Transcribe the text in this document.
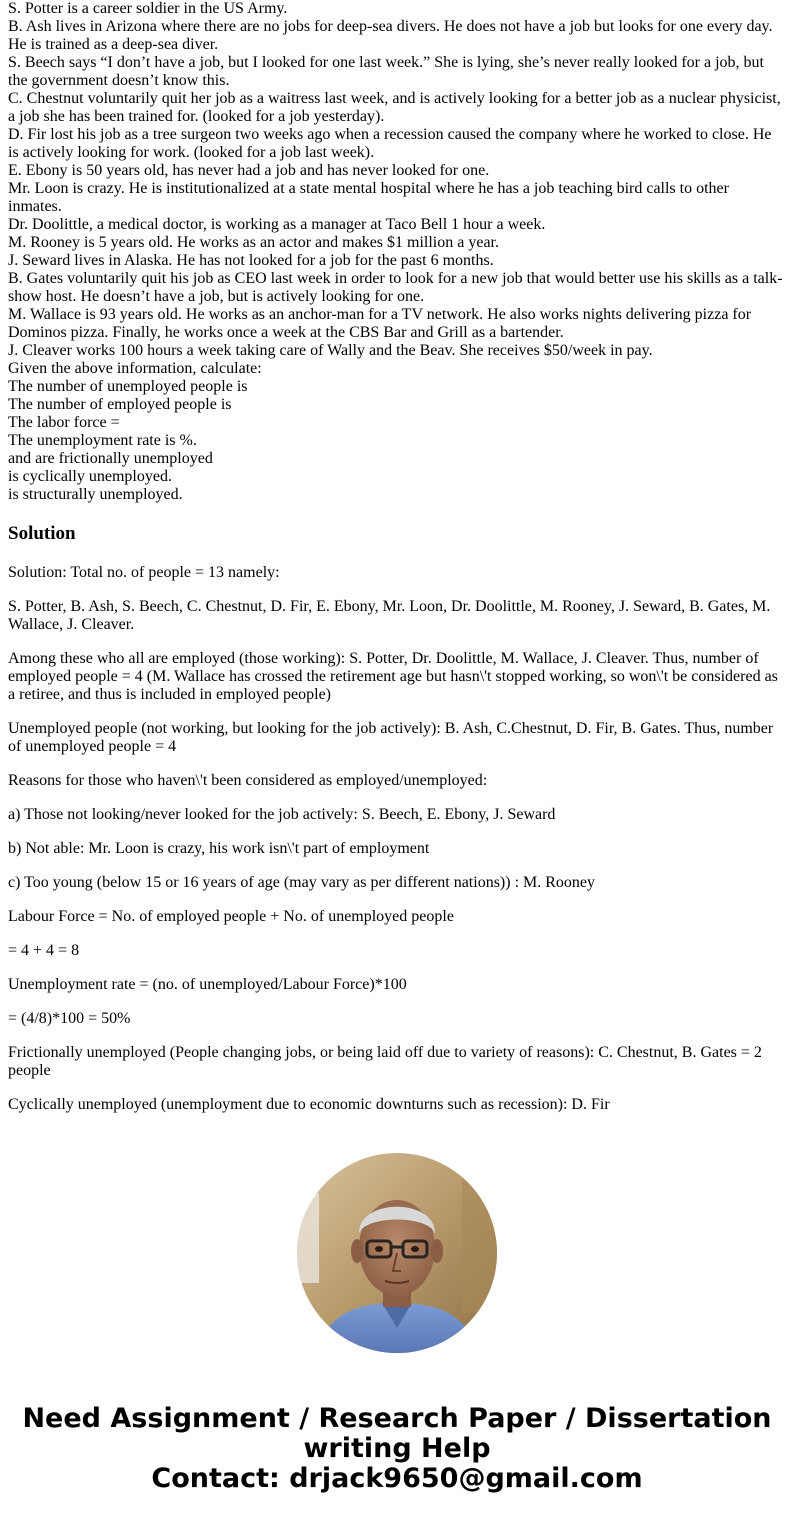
S. Potter is a career soldier in the US Army.
B. Ash lives in Arizona where there are no jobs for deep-sea divers. He does not have a job but looks for one every day. He is trained as a deep-sea diver.
S. Beech says “I don’t have a job, but I looked for one last week.” She is lying, she’s never really looked for a job, but the government doesn’t know this.
C. Chestnut voluntarily quit her job as a waitress last week, and is actively looking for a better job as a nuclear physicist, a job she has been trained for. (looked for a job yesterday).
D. Fir lost his job as a tree surgeon two weeks ago when a recession caused the company where he worked to close. He is actively looking for work. (looked for a job last week).
E. Ebony is 50 years old, has never had a job and has never looked for one.
Mr. Loon is crazy. He is institutionalized at a state mental hospital where he has a job teaching bird calls to other inmates.
Dr. Doolittle, a medical doctor, is working as a manager at Taco Bell 1 hour a week.
M. Rooney is 5 years old. He works as an actor and makes $1 million a year.
J. Seward lives in Alaska. He has not looked for a job for the past 6 months.
B. Gates voluntarily quit his job as CEO last week in order to look for a new job that would better use his skills as a talk-show host. He doesn’t have a job, but is actively looking for one.
M. Wallace is 93 years old. He works as an anchor-man for a TV network. He also works nights delivering pizza for Dominos pizza. Finally, he works once a week at the CBS Bar and Grill as a bartender.
J. Cleaver works 100 hours a week taking care of Wally and the Beav. She receives $50/week in pay.
Given the above information, calculate:
The number of unemployed people is
The number of employed people is
The labor force =
The unemployment rate is %.
and are frictionally unemployed
is cyclically unemployed.
is structurally unemployed.
Solution

Solution: Total no. of people = 13 namely:

S. Potter, B. Ash, S. Beech, C. Chestnut, D. Fir, E. Ebony, Mr. Loon, Dr. Doolittle, M. Rooney, J. Seward, B. Gates, M. Wallace, J. Cleaver.

Among these who all are employed (those working): S. Potter, Dr. Doolittle, M. Wallace, J. Cleaver. Thus, number of employed people = 4 (M. Wallace has crossed the retirement age but hasn\'t stopped working, so won\'t be considered as a retiree, and thus is included in employed people)

Unemployed people (not working, but looking for the job actively): B. Ash, C.Chestnut, D. Fir, B. Gates. Thus, number of unemployed people = 4

Reasons for those who haven\'t been considered as employed/unemployed:

a) Those not looking/never looked for the job actively: S. Beech, E. Ebony, J. Seward

b) Not able: Mr. Loon is crazy, his work isn\'t part of employment

c) Too young (below 15 or 16 years of age (may vary as per different nations)) : M. Rooney

Labour Force = No. of employed people + No. of unemployed people

= 4 + 4 = 8

Unemployment rate = (no. of unemployed/Labour Force)*100

= (4/8)*100 = 50%

Frictionally unemployed (People changing jobs, or being laid off due to variety of reasons): C. Chestnut, B. Gates = 2 people

Cyclically unemployed (unemployment due to economic downturns such as recession): D. Fir

Need Assignment / Research Paper / Dissertation
writing Help
Contact: drjack9650@gmail.com
